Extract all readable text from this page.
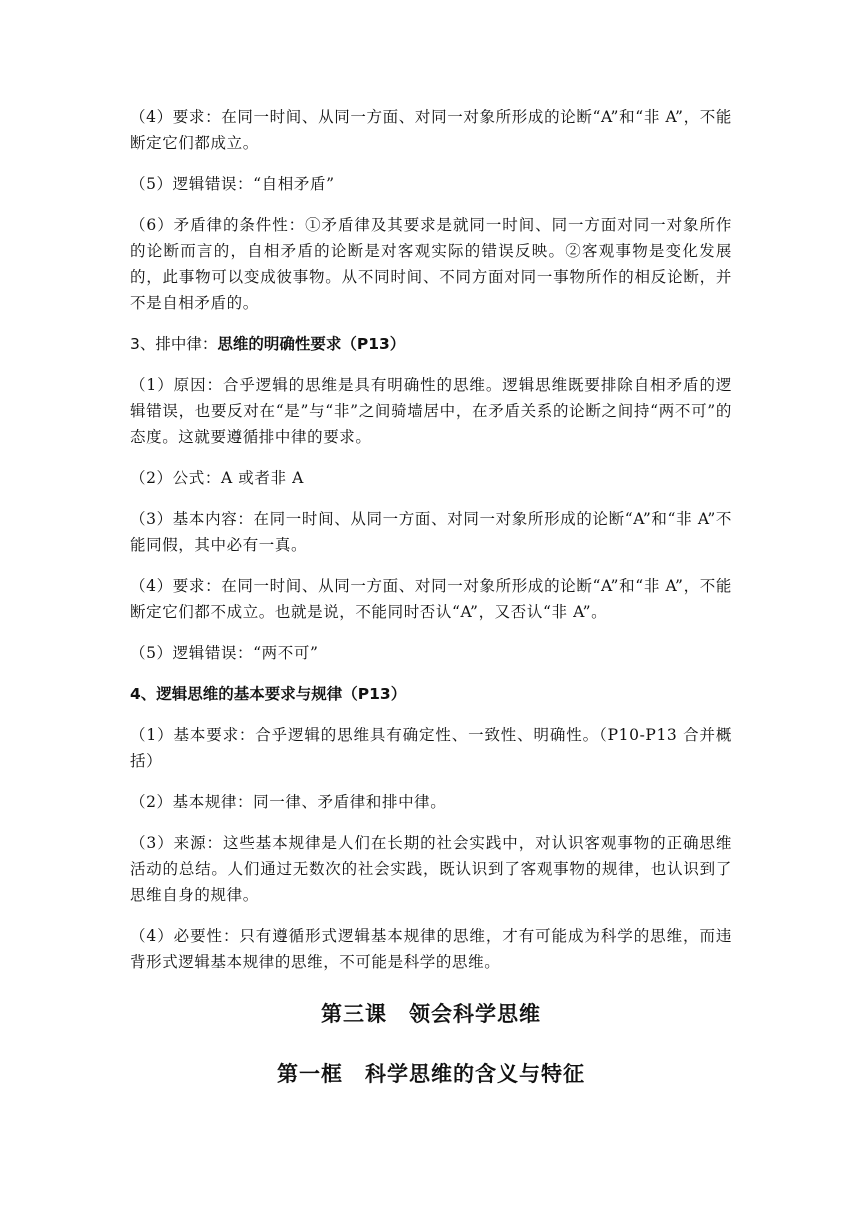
（4）要求：在同一时间、从同一方面、对同一对象所形成的论断“A”和“非 A”，不能断定它们都成立。

（5）逻辑错误：“自相矛盾”

（6）矛盾律的条件性：①矛盾律及其要求是就同一时间、同一方面对同一对象所作的论断而言的，自相矛盾的论断是对客观实际的错误反映。②客观事物是变化发展的，此事物可以变成彼事物。从不同时间、不同方面对同一事物所作的相反论断，并不是自相矛盾的。

3、排中律：思维的明确性要求（P13）

（1）原因：合乎逻辑的思维是具有明确性的思维。逻辑思维既要排除自相矛盾的逻辑错误，也要反对在“是”与“非”之间骑墙居中，在矛盾关系的论断之间持“两不可”的态度。这就要遵循排中律的要求。

（2）公式：A 或者非 A

（3）基本内容：在同一时间、从同一方面、对同一对象所形成的论断“A”和“非 A”不能同假，其中必有一真。

（4）要求：在同一时间、从同一方面、对同一对象所形成的论断“A”和“非 A”，不能断定它们都不成立。也就是说，不能同时否认“A”，又否认“非 A”。

（5）逻辑错误：“两不可”

4、逻辑思维的基本要求与规律（P13）

（1）基本要求：合乎逻辑的思维具有确定性、一致性、明确性。（P10-P13 合并概括）

（2）基本规律：同一律、矛盾律和排中律。

（3）来源：这些基本规律是人们在长期的社会实践中，对认识客观事物的正确思维活动的总结。人们通过无数次的社会实践，既认识到了客观事物的规律，也认识到了思维自身的规律。

（4）必要性：只有遵循形式逻辑基本规律的思维，才有可能成为科学的思维，而违背形式逻辑基本规律的思维，不可能是科学的思维。

第三课　领会科学思维
第一框　科学思维的含义与特征
